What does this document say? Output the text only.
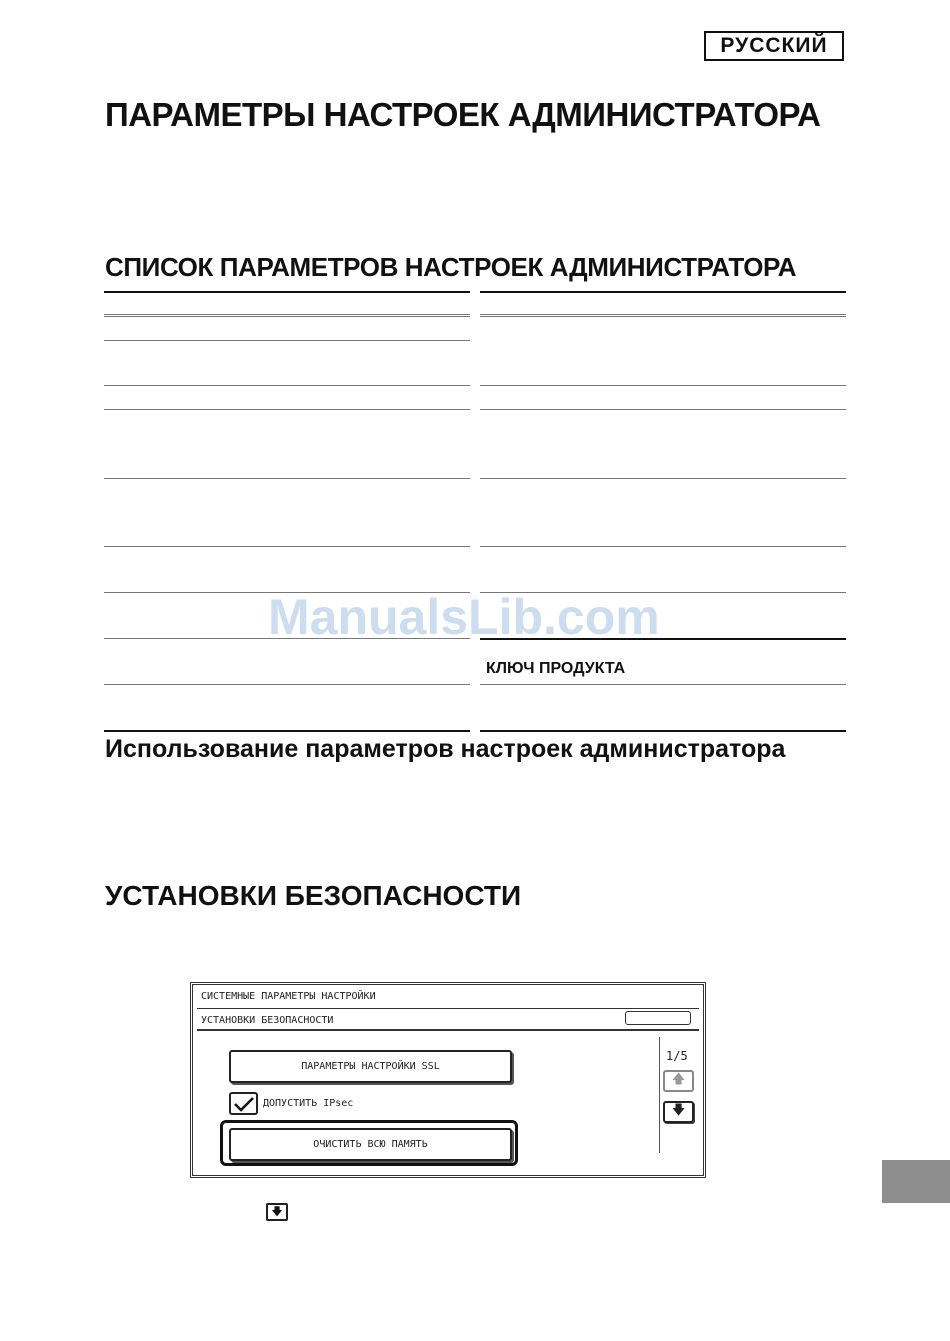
РУССКИЙ
ПАРАМЕТРЫ НАСТРОЕК АДМИНИСТРАТОРА
СПИСОК ПАРАМЕТРОВ НАСТРОЕК АДМИНИСТРАТОРА
КЛЮЧ ПРОДУКТА
ManualsLib.com
Использование параметров настроек администратора
УСТАНОВКИ БЕЗОПАСНОСТИ
СИСТЕМНЫЕ ПАРАМЕТРЫ НАСТРОЙКИ
УСТАНОВКИ БЕЗОПАСНОСТИ
ПАРАМЕТРЫ НАСТРОЙКИ SSL
ДОПУСТИТЬ IPsec
ОЧИСТИТЬ ВСЮ ПАМЯТЬ
1/5
🡅
🡇
🡇
